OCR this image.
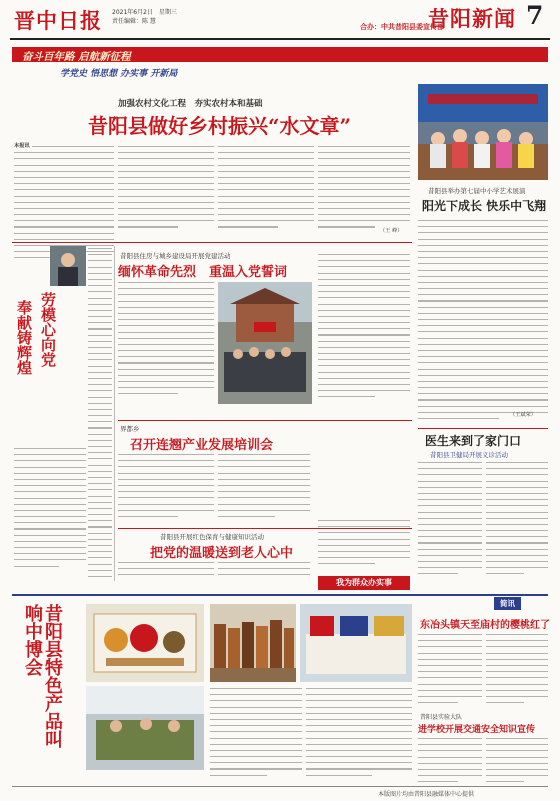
晋中日报 2021年6月2日　星期三
责任编辑：陈 慧
合办：中共昔阳县委宣传部
昔阳新闻 7
奋斗百年路 启航新征程
学党史 悟思想 办实事 开新局
加强农村文化工程　夯实农村本和基础
昔阳县做好乡村振兴“水文章”
本报讯
（王 峰）
昔阳县举办第七届中小学艺术展演
阳光下成长 快乐中飞翔
（王斌荣）
劳模心向党
奉献铸辉煌
昔阳县住房与城乡建设局开展党建活动
缅怀革命先烈　重温入党誓词
界都乡
召开连翘产业发展培训会
昔阳县开展红色保育与健康知识活动
把党的温暖送到老人心中
我为群众办实事
医生来到了家门口
昔阳县卫健局开展义诊活动
昔阳县特色产品叫响中博会
简讯
东冶头镇天至庙村的樱桃红了
昔阳县实验大队
进学校开展交通安全知识宣传
本版图片均由昔阳县融媒体中心提供
